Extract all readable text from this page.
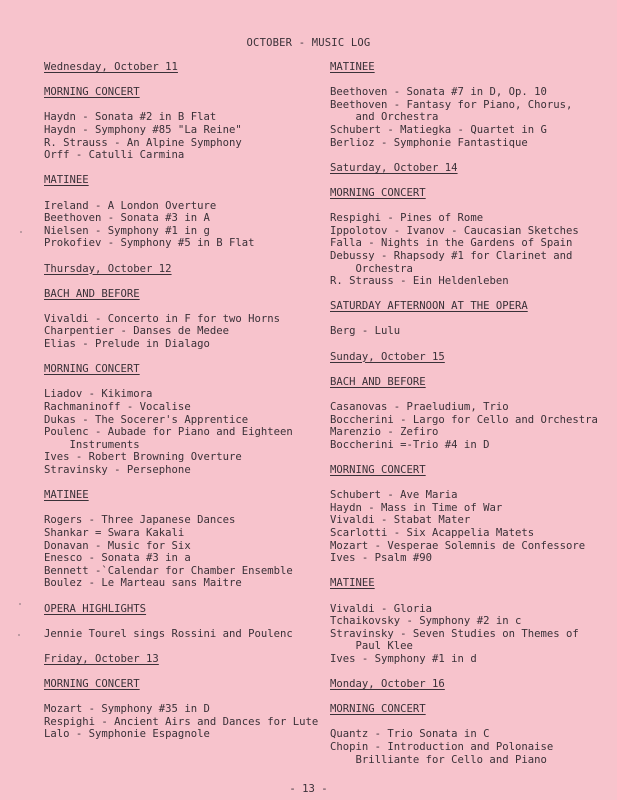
OCTOBER - MUSIC LOG
Wednesday, October 11
MORNING CONCERT
Haydn - Sonata #2 in B Flat
Haydn - Symphony #85 "La Reine"
R. Strauss - An Alpine Symphony
Orff - Catulli Carmina
MATINEE
Ireland - A London Overture
Beethoven - Sonata #3 in A
Nielsen - Symphony #1 in g
Prokofiev - Symphony #5 in B Flat
Thursday, October 12
BACH AND BEFORE
Vivaldi - Concerto in F for two Horns
Charpentier - Danses de Medee
Elias - Prelude in Dialago
MORNING CONCERT
Liadov - Kikimora
Rachmaninoff - Vocalise
Dukas - The Socerer's Apprentice
Poulenc - Aubade for Piano and Eighteen
Instruments
Ives - Robert Browning Overture
Stravinsky - Persephone
MATINEE
Rogers - Three Japanese Dances
Shankar = Swara Kakali
Donavan - Music for Six
Enesco - Sonata #3 in a
Bennett -`Calendar for Chamber Ensemble
Boulez - Le Marteau sans Maitre
OPERA HIGHLIGHTS
Jennie Tourel sings Rossini and Poulenc
Friday, October 13
MORNING CONCERT
Mozart - Symphony #35 in D
Respighi - Ancient Airs and Dances for Lute
Lalo - Symphonie Espagnole
MATINEE
Beethoven - Sonata #7 in D, Op. 10
Beethoven - Fantasy for Piano, Chorus,
and Orchestra
Schubert - Matiegka - Quartet in G
Berlioz - Symphonie Fantastique
Saturday, October 14
MORNING CONCERT
Respighi - Pines of Rome
Ippolotov - Ivanov - Caucasian Sketches
Falla - Nights in the Gardens of Spain
Debussy - Rhapsody #1 for Clarinet and
Orchestra
R. Strauss - Ein Heldenleben
SATURDAY AFTERNOON AT THE OPERA
Berg - Lulu
Sunday, October 15
BACH AND BEFORE
Casanovas - Praeludium, Trio
Boccherini - Largo for Cello and Orchestra
Marenzio - Zefiro
Boccherini =-Trio #4 in D
MORNING CONCERT
Schubert - Ave Maria
Haydn - Mass in Time of War
Vivaldi - Stabat Mater
Scarlotti - Six Acappelia Matets
Mozart - Vesperae Solemnis de Confessore
Ives - Psalm #90
MATINEE
Vivaldi - Gloria
Tchaikovsky - Symphony #2 in c
Stravinsky - Seven Studies on Themes of
Paul Klee
Ives - Symphony #1 in d
Monday, October 16
MORNING CONCERT
Quantz - Trio Sonata in C
Chopin - Introduction and Polonaise
Brilliante for Cello and Piano
- 13 -
